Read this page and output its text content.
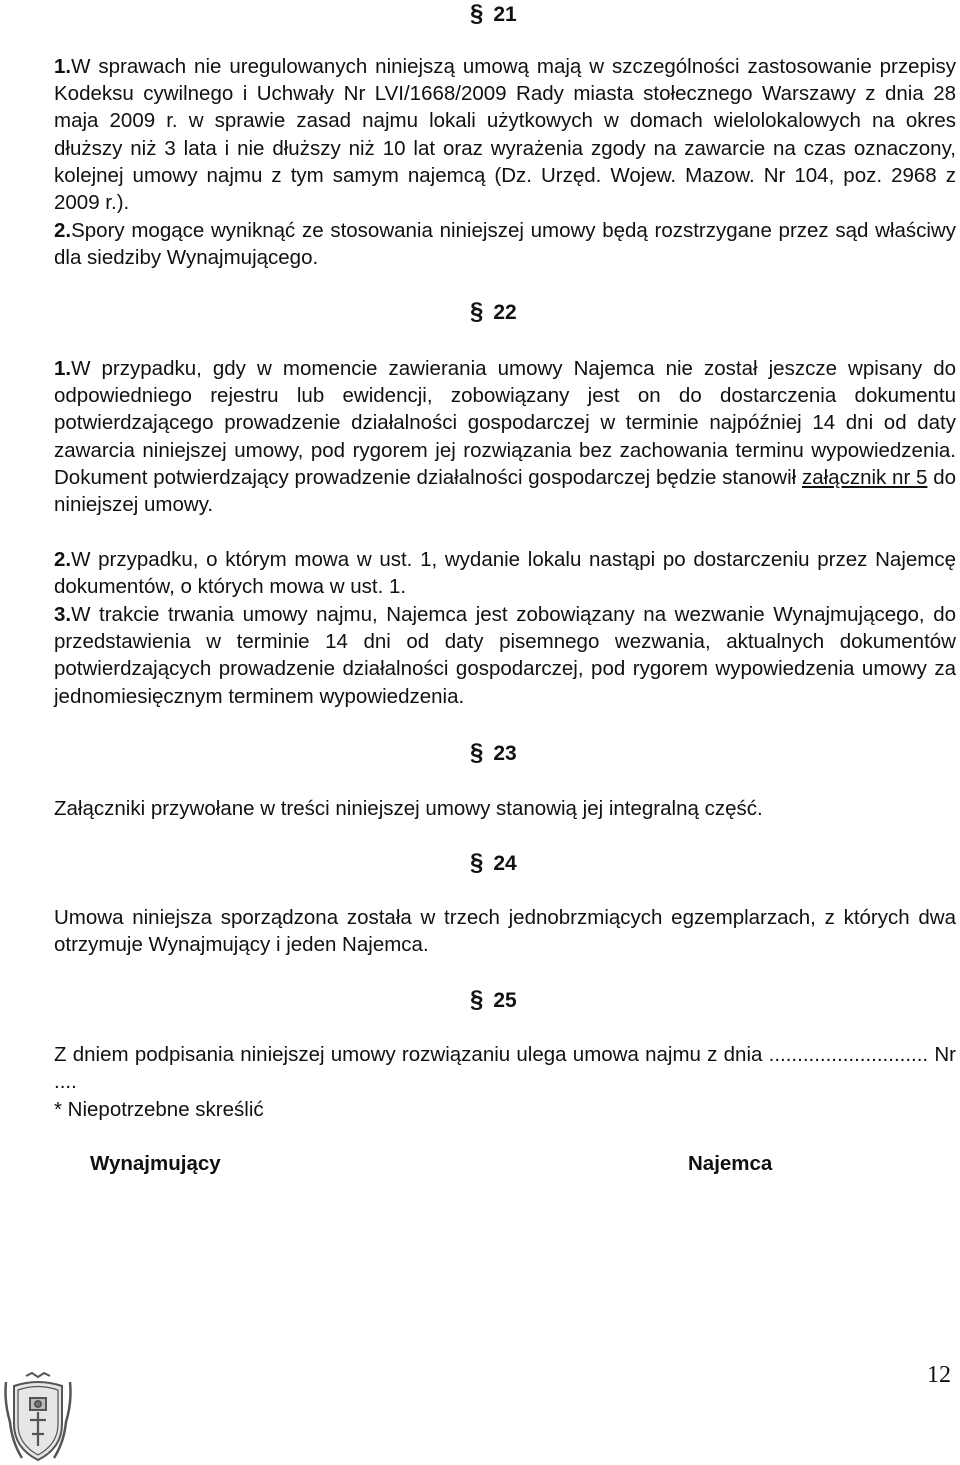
§ 21

1.W sprawach nie uregulowanych niniejszą umową mają w szczególności zastosowanie przepisy Kodeksu cywilnego i Uchwały Nr LVI/1668/2009 Rady miasta stołecznego Warszawy z dnia 28 maja 2009 r. w sprawie zasad najmu lokali użytkowych w domach wielolokalowych na okres dłuższy niż 3 lata i nie dłuższy niż 10 lat oraz wyrażenia zgody na zawarcie na czas oznaczony, kolejnej umowy najmu z tym samym najemcą (Dz. Urzęd. Wojew. Mazow. Nr 104, poz. 2968 z 2009 r.).

2.Spory mogące wyniknąć ze stosowania niniejszej umowy będą rozstrzygane przez sąd właściwy dla siedziby Wynajmującego.

§ 22

1.W przypadku, gdy w momencie zawierania umowy Najemca nie został jeszcze wpisany do odpowiedniego rejestru lub ewidencji, zobowiązany jest on do dostarczenia dokumentu potwierdzającego prowadzenie działalności gospodarczej w terminie najpóźniej 14 dni od daty zawarcia niniejszej umowy, pod rygorem jej rozwiązania bez zachowania terminu wypowiedzenia. Dokument potwierdzający prowadzenie działalności gospodarczej będzie stanowił załącznik nr 5 do niniejszej umowy.

2.W przypadku, o którym mowa w ust. 1, wydanie lokalu nastąpi po dostarczeniu przez Najemcę dokumentów, o których mowa w ust. 1.

3.W trakcie trwania umowy najmu, Najemca jest zobowiązany na wezwanie Wynajmującego, do przedstawienia w terminie 14 dni od daty pisemnego wezwania, aktualnych dokumentów potwierdzających prowadzenie działalności gospodarczej, pod rygorem wypowiedzenia umowy za jednomiesięcznym terminem wypowiedzenia.

§ 23

Załączniki przywołane w treści niniejszej umowy stanowią jej integralną część.

§ 24

Umowa niniejsza sporządzona została w trzech jednobrzmiących egzemplarzach, z których dwa otrzymuje Wynajmujący i jeden Najemca.

§ 25

Z dniem podpisania niniejszej umowy rozwiązaniu ulega umowa najmu z dnia ............................ Nr ....

* Niepotrzebne skreślić
Wynajmujący	Najemca
12
